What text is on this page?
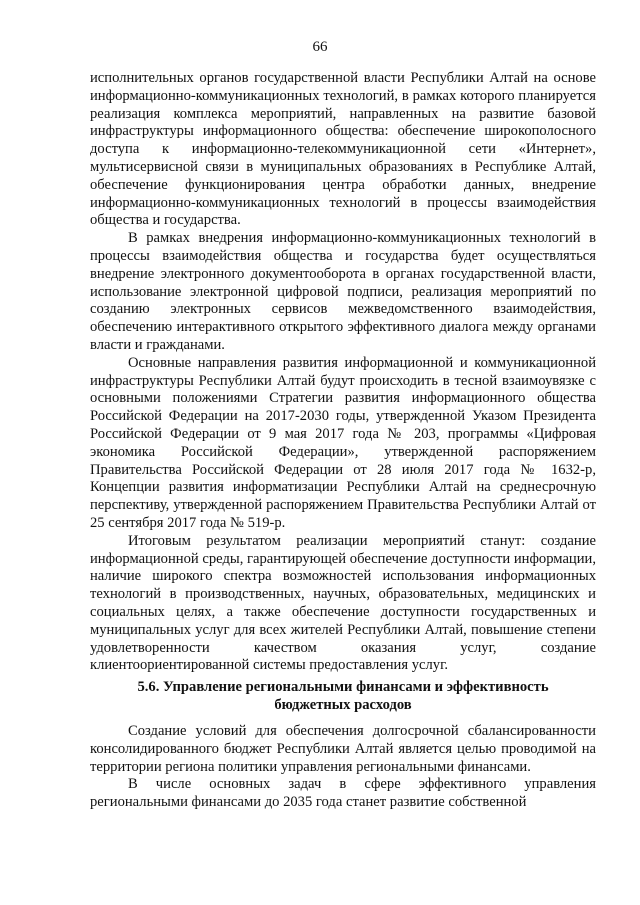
66

исполнительных органов государственной власти Республики Алтай на основе информационно-коммуникационных технологий, в рамках которого планируется реализация комплекса мероприятий, направленных на развитие базовой инфраструктуры информационного общества: обеспечение широкополосного доступа к информационно-телекоммуникационной сети «Интернет», мультисервисной связи в муниципальных образованиях в Республике Алтай, обеспечение функционирования центра обработки данных, внедрение информационно-коммуникационных технологий в процессы взаимодействия общества и государства.

В рамках внедрения информационно-коммуникационных технологий в процессы взаимодействия общества и государства будет осуществляться внедрение электронного документооборота в органах государственной власти, использование электронной цифровой подписи, реализация мероприятий по созданию электронных сервисов межведомственного взаимодействия, обеспечению интерактивного открытого эффективного диалога между органами власти и гражданами.

Основные направления развития информационной и коммуникационной инфраструктуры Республики Алтай будут происходить в тесной взаимоувязке с основными положениями Стратегии развития информационного общества Российской Федерации на 2017-2030 годы, утвержденной Указом Президента Российской Федерации от 9 мая 2017 года № 203, программы «Цифровая экономика Российской Федерации», утвержденной распоряжением Правительства Российской Федерации от 28 июля 2017 года № 1632-р, Концепции развития информатизации Республики Алтай на среднесрочную перспективу, утвержденной распоряжением Правительства Республики Алтай от 25 сентября 2017 года № 519-р.

Итоговым результатом реализации мероприятий станут: создание информационной среды, гарантирующей обеспечение доступности информации, наличие широкого спектра возможностей использования информационных технологий в производственных, научных, образовательных, медицинских и социальных целях, а также обеспечение доступности государственных и муниципальных услуг для всех жителей Республики Алтай, повышение степени удовлетворенности качеством оказания услуг, создание клиентоориентированной системы предоставления услуг.

5.6. Управление региональными финансами и эффективность
бюджетных расходов

Создание условий для обеспечения долгосрочной сбалансированности консолидированного бюджет Республики Алтай является целью проводимой на территории региона политики управления региональными финансами.

В числе основных задач в сфере эффективного управления региональными финансами до 2035 года станет развитие собственной
